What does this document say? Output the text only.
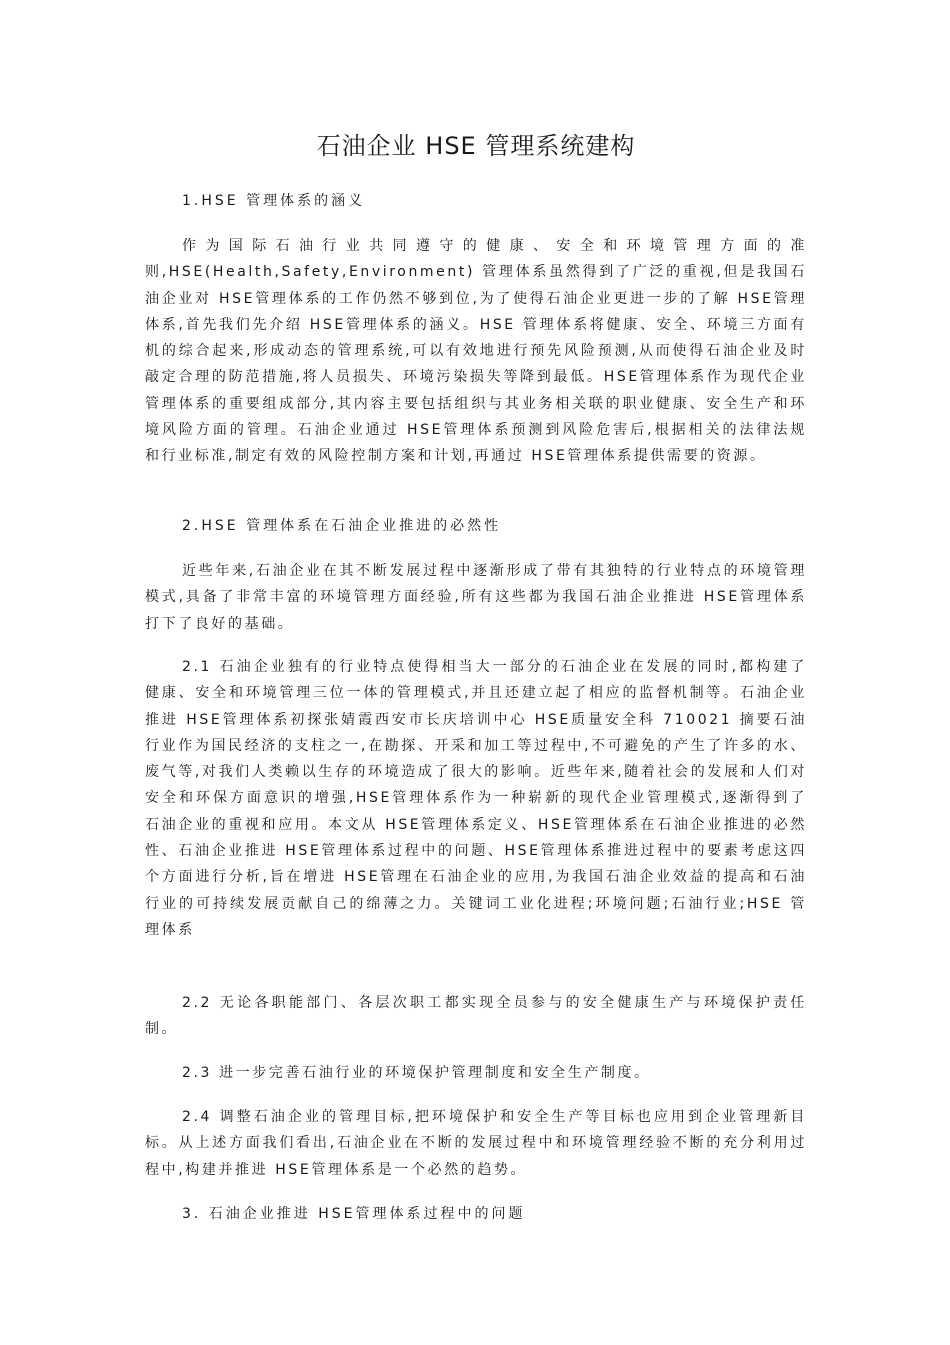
石油企业 HSE 管理系统建构
1.HSE 管理体系的涵义

作为国际石油行业共同遵守的健康、安全和环境管理方面的准则,HSE(Health,Safety,Environment) 管理体系虽然得到了广泛的重视,但是我国石油企业对 HSE管理体系的工作仍然不够到位,为了使得石油企业更进一步的了解 HSE管理体系,首先我们先介绍 HSE管理体系的涵义。HSE 管理体系将健康、安全、环境三方面有机的综合起来,形成动态的管理系统,可以有效地进行预先风险预测,从而使得石油企业及时敲定合理的防范措施,将人员损失、环境污染损失等降到最低。HSE管理体系作为现代企业管理体系的重要组成部分,其内容主要包括组织与其业务相关联的职业健康、安全生产和环境风险方面的管理。石油企业通过 HSE管理体系预测到风险危害后,根据相关的法律法规和行业标准,制定有效的风险控制方案和计划,再通过 HSE管理体系提供需要的资源。

2.HSE 管理体系在石油企业推进的必然性

近些年来,石油企业在其不断发展过程中逐渐形成了带有其独特的行业特点的环境管理模式,具备了非常丰富的环境管理方面经验,所有这些都为我国石油企业推进 HSE管理体系打下了良好的基础。

2.1 石油企业独有的行业特点使得相当大一部分的石油企业在发展的同时,都构建了健康、安全和环境管理三位一体的管理模式,并且还建立起了相应的监督机制等。石油企业推进 HSE管理体系初探张婧霞西安市长庆培训中心 HSE质量安全科 710021 摘要石油行业作为国民经济的支柱之一,在勘探、开采和加工等过程中,不可避免的产生了许多的水、废气等,对我们人类赖以生存的环境造成了很大的影响。近些年来,随着社会的发展和人们对安全和环保方面意识的增强,HSE管理体系作为一种崭新的现代企业管理模式,逐渐得到了石油企业的重视和应用。本文从 HSE管理体系定义、HSE管理体系在石油企业推进的必然性、石油企业推进 HSE管理体系过程中的问题、HSE管理体系推进过程中的要素考虑这四个方面进行分析,旨在增进 HSE管理在石油企业的应用,为我国石油企业效益的提高和石油行业的可持续发展贡献自己的绵薄之力。关键词工业化进程;环境问题;石油行业;HSE 管理体系

2.2 无论各职能部门、各层次职工都实现全员参与的安全健康生产与环境保护责任制。

2.3 进一步完善石油行业的环境保护管理制度和安全生产制度。

2.4 调整石油企业的管理目标,把环境保护和安全生产等目标也应用到企业管理新目标。从上述方面我们看出,石油企业在不断的发展过程中和环境管理经验不断的充分利用过程中,构建并推进 HSE管理体系是一个必然的趋势。

3. 石油企业推进 HSE管理体系过程中的问题
